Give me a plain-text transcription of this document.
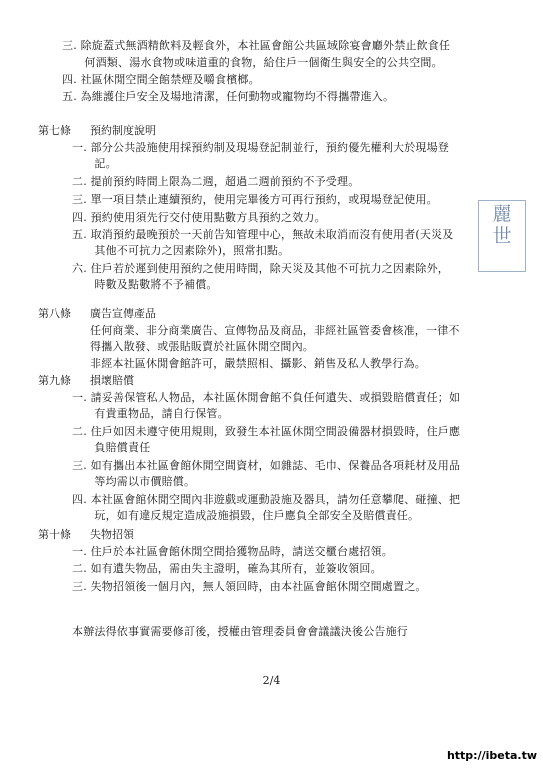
三. 除旋蓋式無酒精飲料及輕食外，本社區會館公共區域除宴會廳外禁止飲食任
　　何酒類、湯水食物或味道重的食物，給住戶一個衛生與安全的公共空間。
四. 社區休閒空間全館禁煙及嚼食檳榔。
五. 為維護住戶安全及場地清潔，任何動物或寵物均不得攜帶進入。
第七條 預約制度說明
一. 部分公共設施使用採預約制及現場登記制並行，預約優先權利大於現場登
　　記。
二. 提前預約時間上限為二週，超過二週前預約不予受理。
三. 單一項目禁止連續預約，使用完畢後方可再行預約，或現場登記使用。
四. 預約使用須先行交付使用點數方具預約之效力。
五. 取消預約最晚預於一天前告知管理中心，無故未取消而沒有使用者(天災及
　　其他不可抗力之因素除外)，照常扣點。
六. 住戶若於遲到使用預約之使用時間，除天災及其他不可抗力之因素除外，
　　時數及點數將不予補償。
麗 世
第八條 廣告宣傳產品
任何商業、非分商業廣告、宣傳物品及商品，非經社區管委會核准，一律不
得攜入散發、或張貼販賣於社區休閒空間內。
非經本社區休閒會館許可，嚴禁照相、攝影、銷售及私人教學行為。
第九條 損壞賠償
一. 請妥善保管私人物品，本社區休閒會館不負任何遺失、或損毀賠償責任；如
　　有貴重物品，請自行保管。
二. 住戶如因未遵守使用規則，致發生本社區休閒空間設備器材損毀時，住戶應
　　負賠償責任
三. 如有攜出本社區會館休閒空間資材，如雜誌、毛巾、保養品各項耗材及用品
　　等均需以市價賠償。
四. 本社區會館休閒空間內非遊戲或運動設施及器具，請勿任意攀爬、碰撞、把
　　玩，如有違反規定造成設施損毀，住戶應負全部安全及賠償責任。
第十條 失物招領
一. 住戶於本社區會館休閒空間拾獲物品時，請送交櫃台處招領。
二. 如有遺失物品，需由失主證明，確為其所有，並簽收領回。
三. 失物招領後一個月內，無人領回時，由本社區會館休閒空間處置之。
本辦法得依事實需要修訂後，授權由管理委員會會議議決後公告施行
2/4
http://ibeta.tw
